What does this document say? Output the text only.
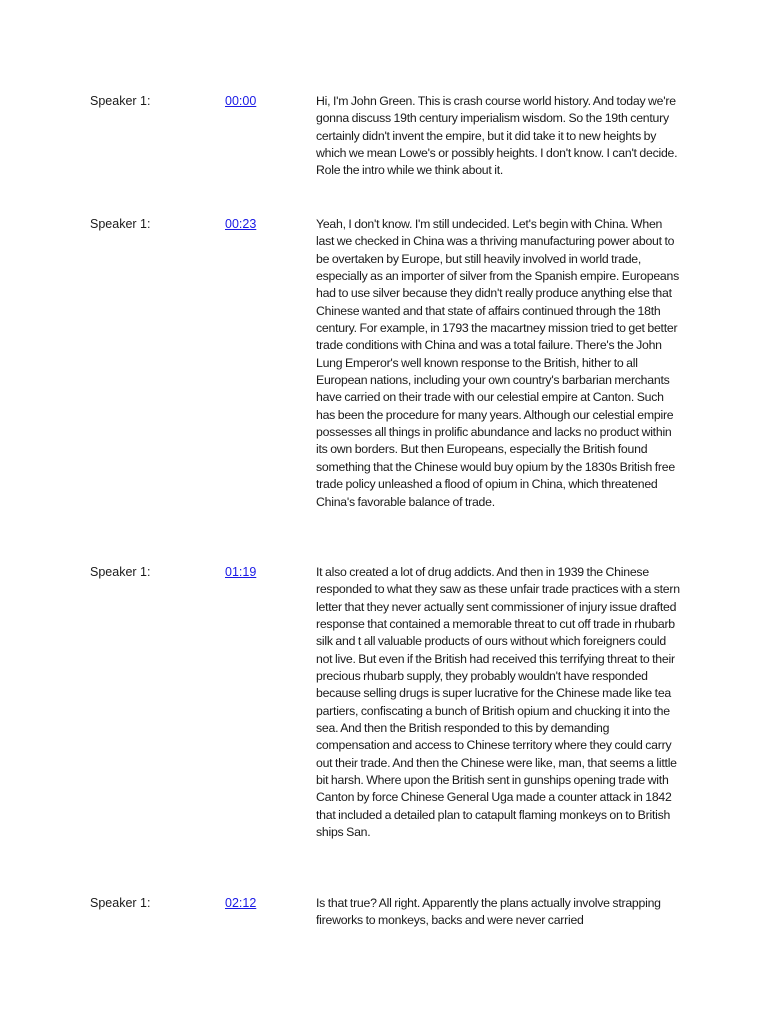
Speaker 1:	00:00	Hi, I'm John Green. This is crash course world history. And today we're gonna discuss 19th century imperialism wisdom. So the 19th century certainly didn't invent the empire, but it did take it to new heights by which we mean Lowe's or possibly heights. I don't know. I can't decide. Role the intro while we think about it.
Speaker 1:	00:23	Yeah, I don't know. I'm still undecided. Let's begin with China. When last we checked in China was a thriving manufacturing power about to be overtaken by Europe, but still heavily involved in world trade, especially as an importer of silver from the Spanish empire. Europeans had to use silver because they didn't really produce anything else that Chinese wanted and that state of affairs continued through the 18th century. For example, in 1793 the macartney mission tried to get better trade conditions with China and was a total failure. There's the John Lung Emperor's well known response to the British, hither to all European nations, including your own country's barbarian merchants have carried on their trade with our celestial empire at Canton. Such has been the procedure for many years. Although our celestial empire possesses all things in prolific abundance and lacks no product within its own borders. But then Europeans, especially the British found something that the Chinese would buy opium by the 1830s British free trade policy unleashed a flood of opium in China, which threatened China's favorable balance of trade.
Speaker 1:	01:19	It also created a lot of drug addicts. And then in 1939 the Chinese responded to what they saw as these unfair trade practices with a stern letter that they never actually sent commissioner of injury issue drafted response that contained a memorable threat to cut off trade in rhubarb silk and t all valuable products of ours without which foreigners could not live. But even if the British had received this terrifying threat to their precious rhubarb supply, they probably wouldn't have responded because selling drugs is super lucrative for the Chinese made like tea partiers, confiscating a bunch of British opium and chucking it into the sea. And then the British responded to this by demanding compensation and access to Chinese territory where they could carry out their trade. And then the Chinese were like, man, that seems a little bit harsh. Where upon the British sent in gunships opening trade with Canton by force Chinese General Uga made a counter attack in 1842 that included a detailed plan to catapult flaming monkeys on to British ships San.
Speaker 1:	02:12	Is that true? All right. Apparently the plans actually involve strapping fireworks to monkeys, backs and were never carried
